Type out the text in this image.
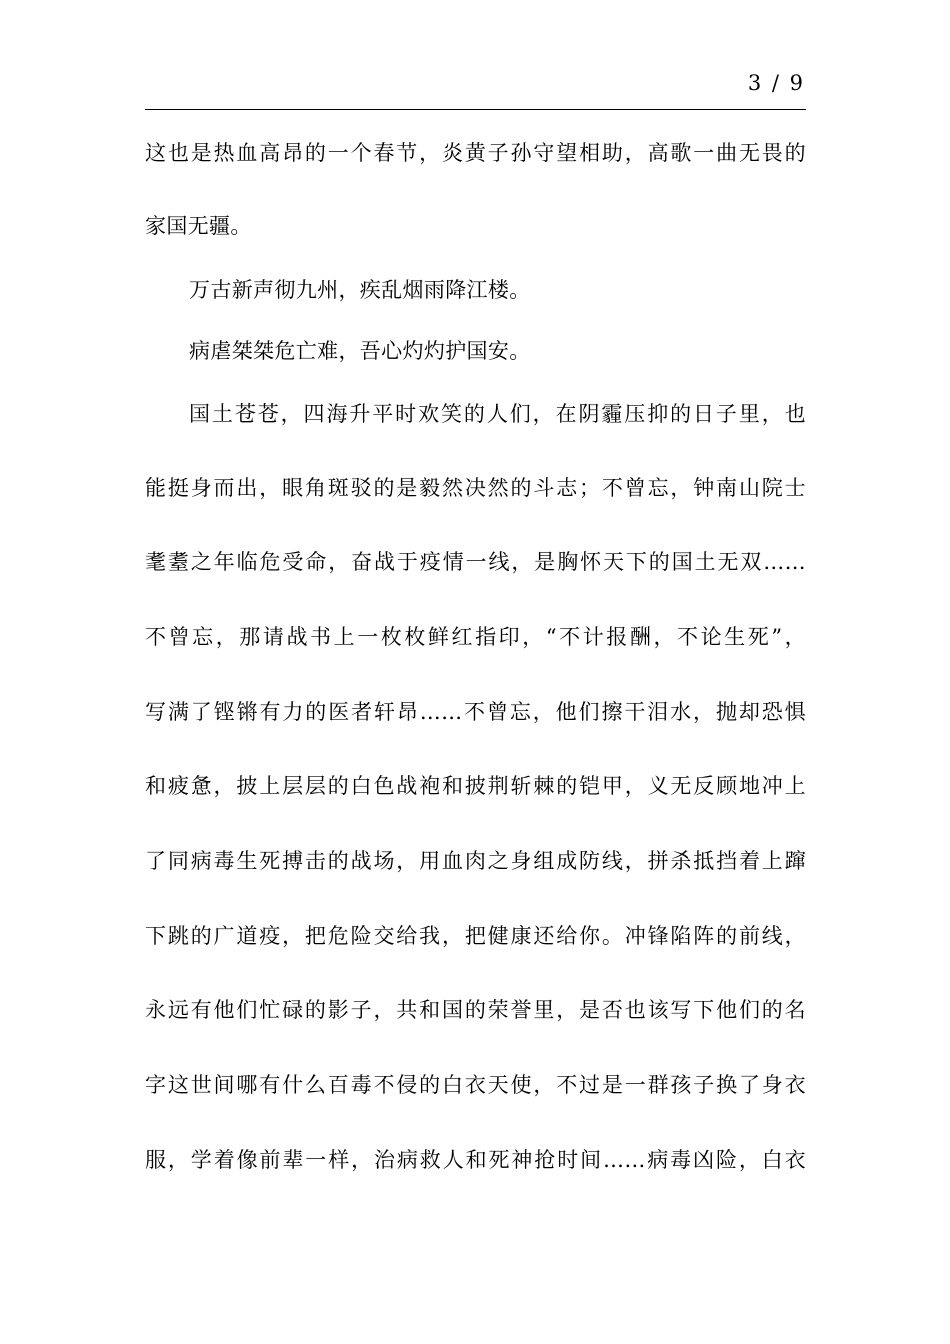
3 / 9
这也是热血高昂的一个春节，炎黄子孙守望相助，高歌一曲无畏的
家国无疆。
万古新声彻九州，疾乱烟雨降江楼。
病虐桀桀危亡难，吾心灼灼护国安。
国土苍苍，四海升平时欢笑的人们，在阴霾压抑的日子里，也
能挺身而出，眼角斑驳的是毅然决然的斗志；不曾忘，钟南山院士
耄耋之年临危受命，奋战于疫情一线，是胸怀天下的国土无双……
不曾忘，那请战书上一枚枚鲜红指印，“不计报酬，不论生死”，
写满了铿锵有力的医者轩昂……不曾忘，他们擦干泪水，抛却恐惧
和疲惫，披上层层的白色战袍和披荆斩棘的铠甲，义无反顾地冲上
了同病毒生死搏击的战场，用血肉之身组成防线，拼杀抵挡着上蹿
下跳的广道疫，把危险交给我，把健康还给你。冲锋陷阵的前线，
永远有他们忙碌的影子，共和国的荣誉里，是否也该写下他们的名
字这世间哪有什么百毒不侵的白衣天使，不过是一群孩子换了身衣
服，学着像前辈一样，治病救人和死神抢时间……病毒凶险，白衣
